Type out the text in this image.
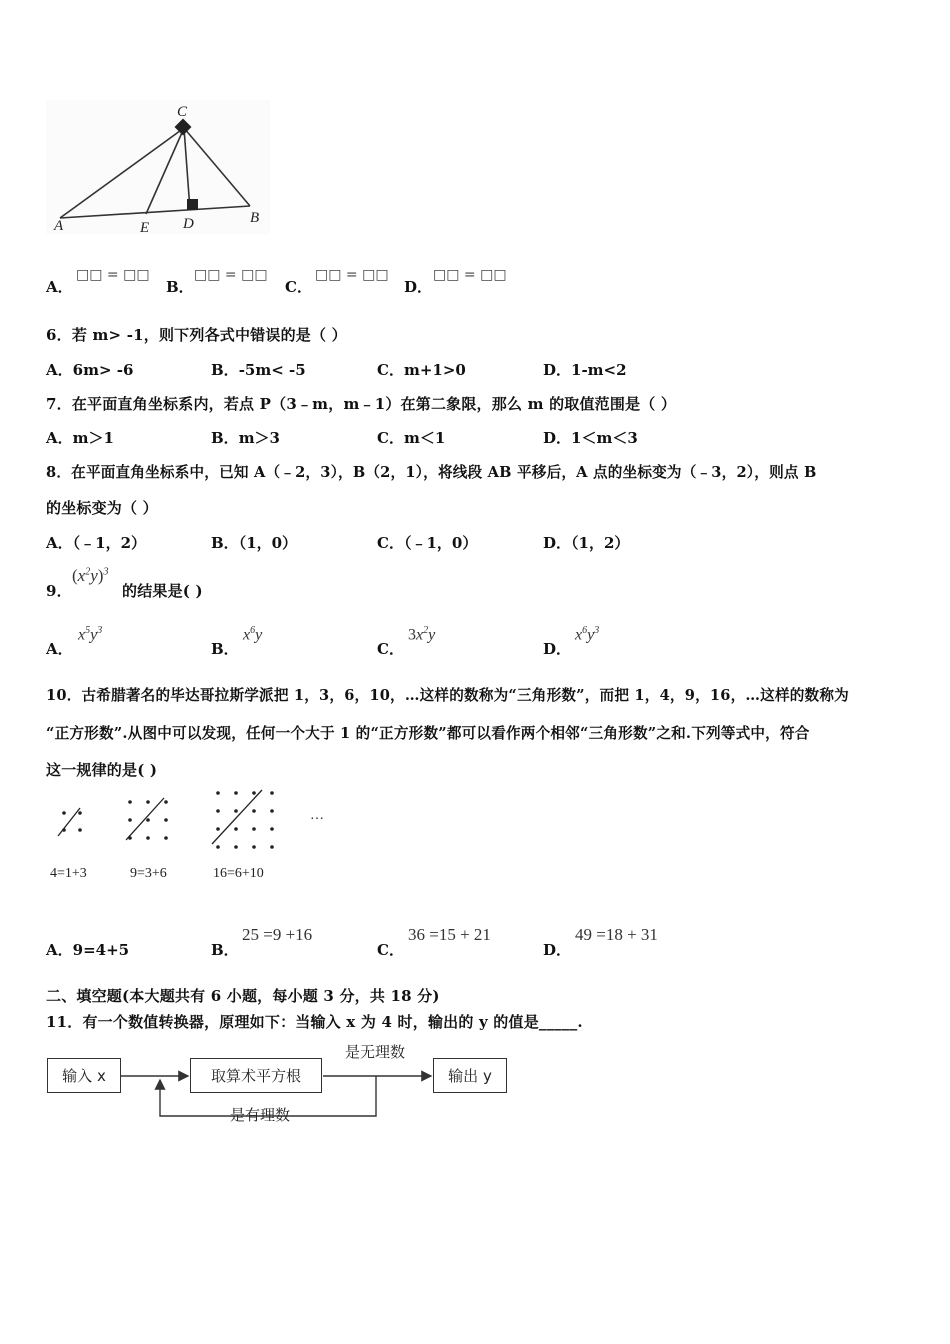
C
A	E D	B
A．
□□ = □□
B．
□□ = □□
C．
□□ = □□
D．
□□ = □□
6．若 m> -1，则下列各式中错误的是（ ）
A．6m> -6	B．-5m< -5	C．m+1>0	D．1-m<2
7．在平面直角坐标系内，若点 P（3﹣m，m﹣1）在第二象限，那么 m 的取值范围是（ ）
A．m＞1	B．m＞3	C．m＜1	D．1＜m＜3
8．在平面直角坐标系中，已知 A（﹣2，3），B（2，1），将线段 AB 平移后，A 点的坐标变为（﹣3，2），则点 B
的坐标变为（ ）
A．（﹣1，2）	B．（1，0）	C．（﹣1，0）	D．（1，2）
9．
$(x^2y)^3$
的结果是( )
A．
$x^5y^3$
B．
$x^6y$
C．
$3x^2y$
D．
$x^6y^3$
10．古希腊著名的毕达哥拉斯学派把 1，3，6，10，…这样的数称为“三角形数”，而把 1，4，9，16，…这样的数称为
“正方形数”.从图中可以发现，任何一个大于 1 的“正方形数”都可以看作两个相邻“三角形数”之和.下列等式中，符合
这一规律的是( )
…
4=1+3	9=3+6	16=6+10
A．9=4+5	B．
25 =9 +16
C．
36 =15 + 21
D．
49 =18 + 31
二、填空题(本大题共有 6 小题，每小题 3 分，共 18 分)
11．有一个数值转换器，原理如下：当输入 x 为 4 时，输出的 y 的值是_____.
输入 x	取算术平方根	输出 y
是无理数
是有理数
